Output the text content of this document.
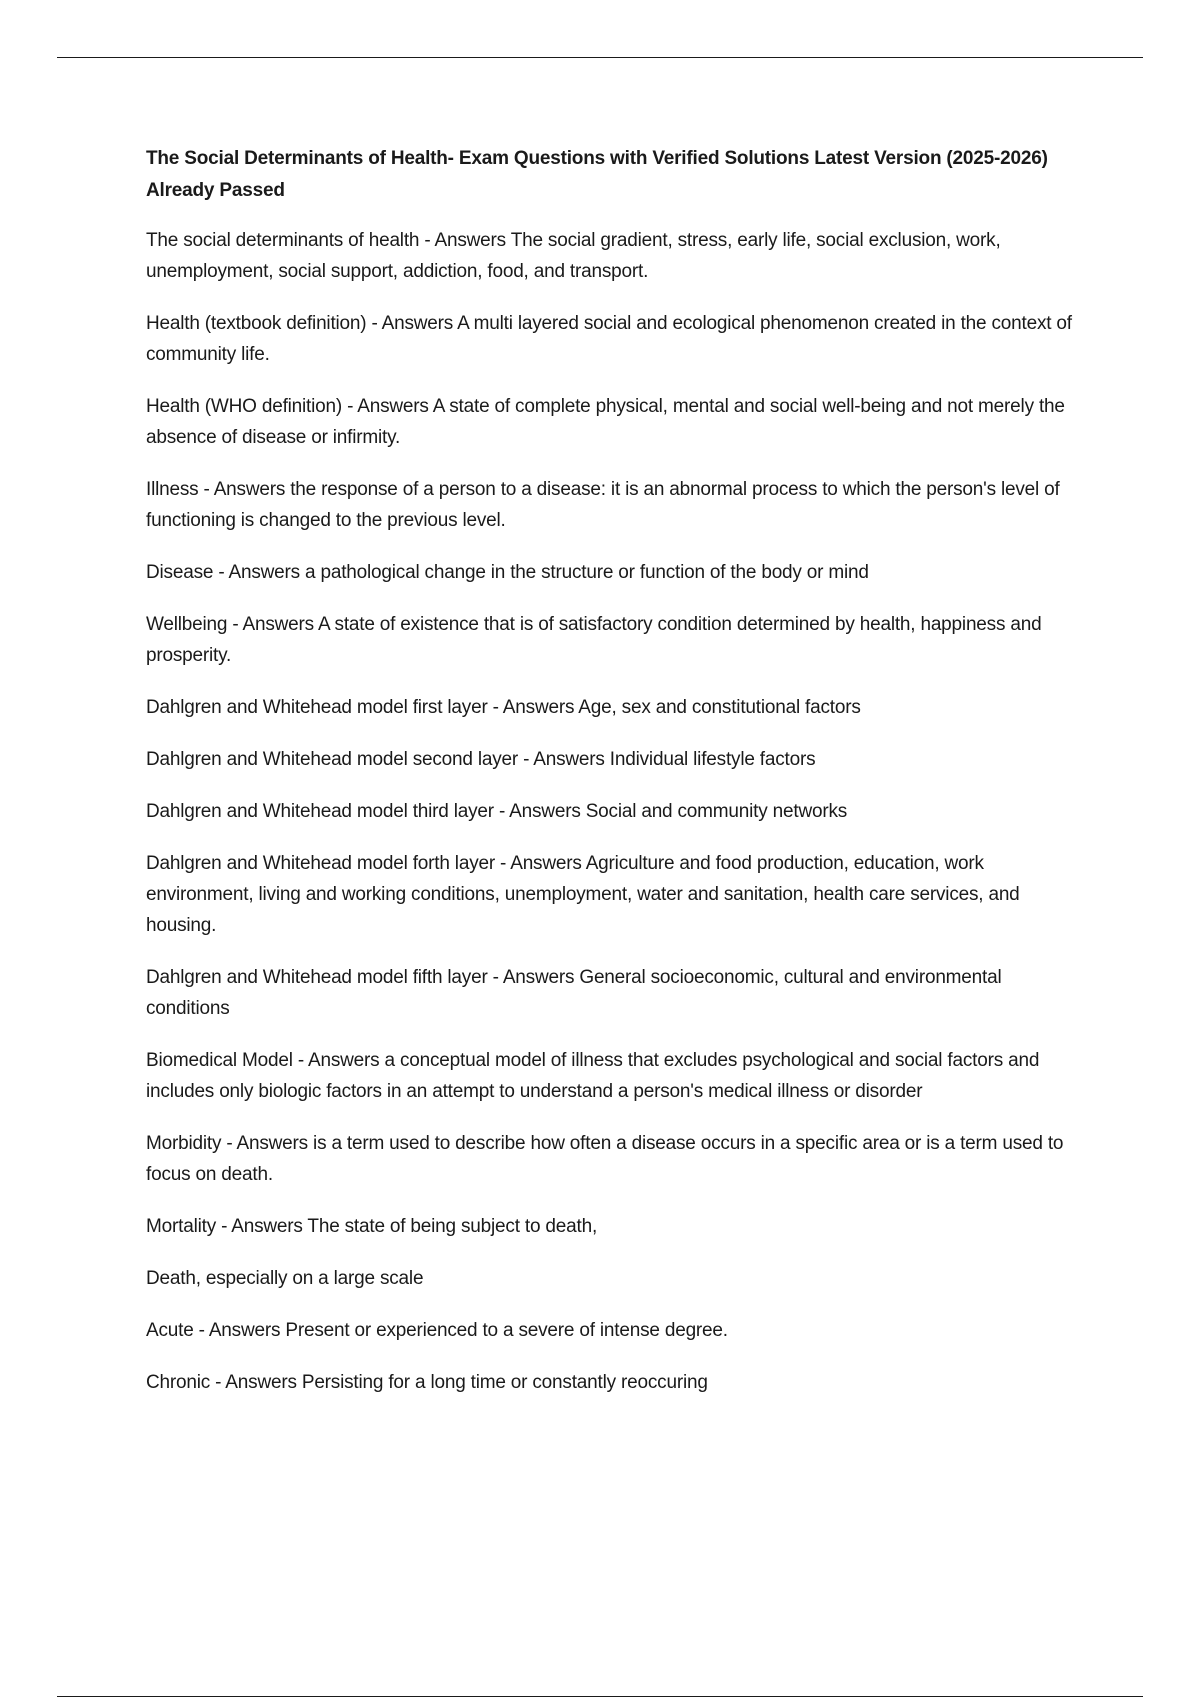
The Social Determinants of Health- Exam Questions with Verified Solutions Latest Version (2025-2026) Already Passed

The social determinants of health - Answers The social gradient, stress, early life, social exclusion, work, unemployment, social support, addiction, food, and transport.

Health (textbook definition) - Answers A multi layered social and ecological phenomenon created in the context of community life.

Health (WHO definition) - Answers A state of complete physical, mental and social well-being and not merely the absence of disease or infirmity.

Illness - Answers the response of a person to a disease: it is an abnormal process to which the person's level of functioning is changed to the previous level.

Disease - Answers a pathological change in the structure or function of the body or mind

Wellbeing - Answers A state of existence that is of satisfactory condition determined by health, happiness and prosperity.

Dahlgren and Whitehead model first layer - Answers Age, sex and constitutional factors

Dahlgren and Whitehead model second layer - Answers Individual lifestyle factors

Dahlgren and Whitehead model third layer - Answers Social and community networks

Dahlgren and Whitehead model forth layer - Answers Agriculture and food production, education, work environment, living and working conditions, unemployment, water and sanitation, health care services, and housing.

Dahlgren and Whitehead model fifth layer - Answers General socioeconomic, cultural and environmental conditions

Biomedical Model - Answers a conceptual model of illness that excludes psychological and social factors and includes only biologic factors in an attempt to understand a person's medical illness or disorder

Morbidity - Answers is a term used to describe how often a disease occurs in a specific area or is a term used to focus on death.

Mortality - Answers The state of being subject to death,

Death, especially on a large scale

Acute - Answers Present or experienced to a severe of intense degree.

Chronic - Answers Persisting for a long time or constantly reoccuring
